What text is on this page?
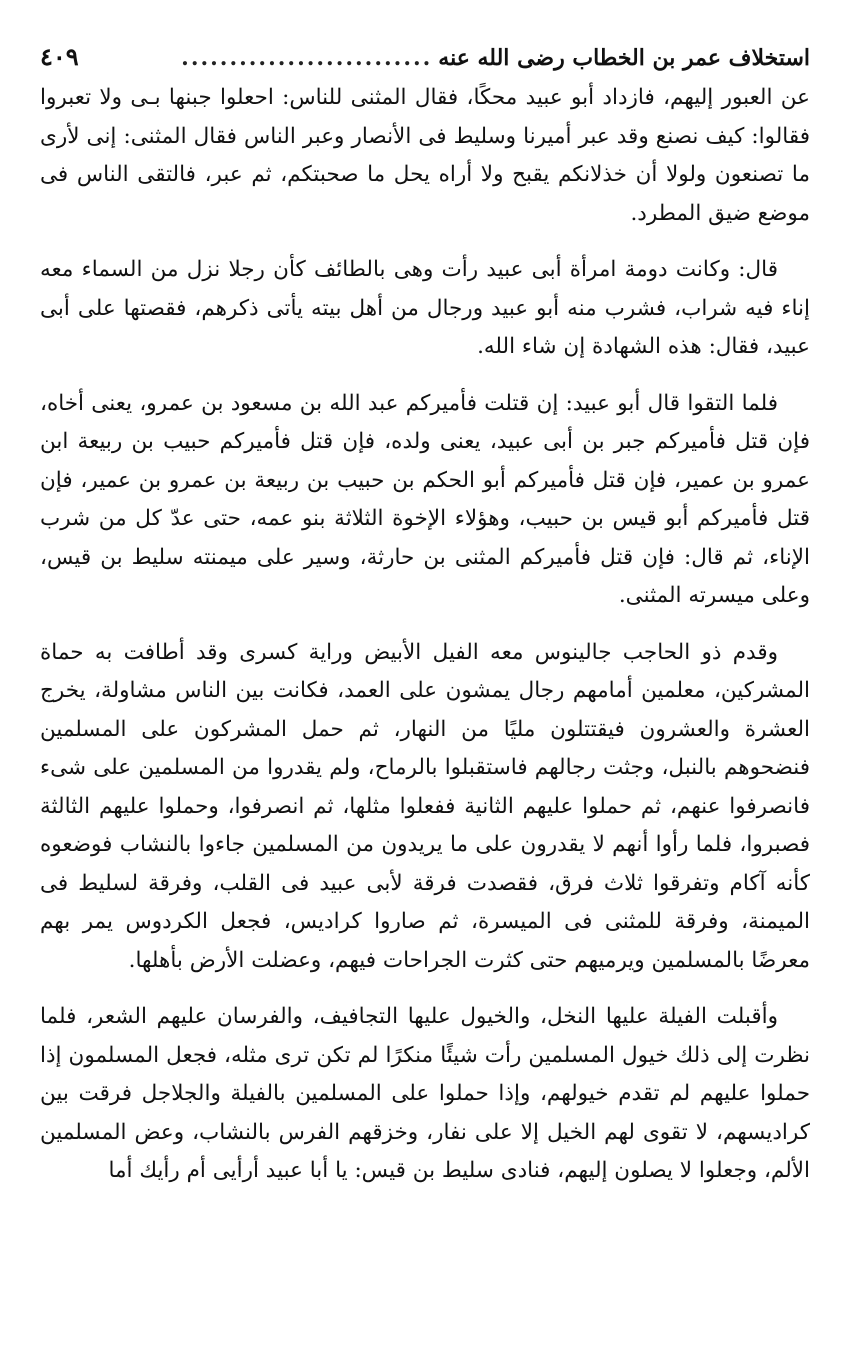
استخلاف عمر بن الخطاب رضى الله عنه
..........................
٤٠٩

عن العبور إليهم، فازداد أبو عبيد محكًا، فقال المثنى للناس: احعلوا جبنها بـى ولا تعبروا فقالوا: كيف نصنع وقد عبر أميرنا وسليط فى الأنصار وعبر الناس فقال المثنى: إنى لأرى ما تصنعون ولولا أن خذلانكم يقبح ولا أراه يحل ما صحبتكم، ثم عبر، فالتقى الناس فى موضع ضيق المطرد.

قال: وكانت دومة امرأة أبى عبيد رأت وهى بالطائف كأن رجلا نزل من السماء معه إناء فيه شراب، فشرب منه أبو عبيد ورجال من أهل بيته يأتى ذكرهم، فقصتها على أبى عبيد، فقال: هذه الشهادة إن شاء الله.

فلما التقوا قال أبو عبيد: إن قتلت فأميركم عبد الله بن مسعود بن عمرو، يعنى أخاه، فإن قتل فأميركم جبر بن أبى عبيد، يعنى ولده، فإن قتل فأميركم حبيب بن ربيعة ابن عمرو بن عمير، فإن قتل فأميركم أبو الحكم بن حبيب بن ربيعة بن عمرو بن عمير، فإن قتل فأميركم أبو قيس بن حبيب، وهؤلاء الإخوة الثلاثة بنو عمه، حتى عدّ كل من شرب الإناء، ثم قال: فإن قتل فأميركم المثنى بن حارثة، وسير على ميمنته سليط بن قيس، وعلى ميسرته المثنى.

وقدم ذو الحاجب جالينوس معه الفيل الأبيض وراية كسرى وقد أطافت به حماة المشركين، معلمين أمامهم رجال يمشون على العمد، فكانت بين الناس مشاولة، يخرج العشرة والعشرون فيقتتلون مليًا من النهار، ثم حمل المشركون على المسلمين فنضحوهم بالنبل، وجثت رجالهم فاستقبلوا بالرماح، ولم يقدروا من المسلمين على شىء فانصرفوا عنهم، ثم حملوا عليهم الثانية ففعلوا مثلها، ثم انصرفوا، وحملوا عليهم الثالثة فصبروا، فلما رأوا أنهم لا يقدرون على ما يريدون من المسلمين جاءوا بالنشاب فوضعوه كأنه آكام وتفرقوا ثلاث فرق، فقصدت فرقة لأبى عبيد فى القلب، وفرقة لسليط فى الميمنة، وفرقة للمثنى فى الميسرة، ثم صاروا كراديس، فجعل الكردوس يمر بهم معرضًا بالمسلمين ويرميهم حتى كثرت الجراحات فيهم، وعضلت الأرض بأهلها.

وأقبلت الفيلة عليها النخل، والخيول عليها التجافيف، والفرسان عليهم الشعر، فلما نظرت إلى ذلك خيول المسلمين رأت شيئًا منكرًا لم تكن ترى مثله، فجعل المسلمون إذا حملوا عليهم لم تقدم خيولهم، وإذا حملوا على المسلمين بالفيلة والجلاجل فرقت بين كراديسهم، لا تقوى لهم الخيل إلا على نفار، وخزقهم الفرس بالنشاب، وعض المسلمين الألم، وجعلوا لا يصلون إليهم، فنادى سليط بن قيس: يا أبا عبيد أرأيى أم رأيك أما
